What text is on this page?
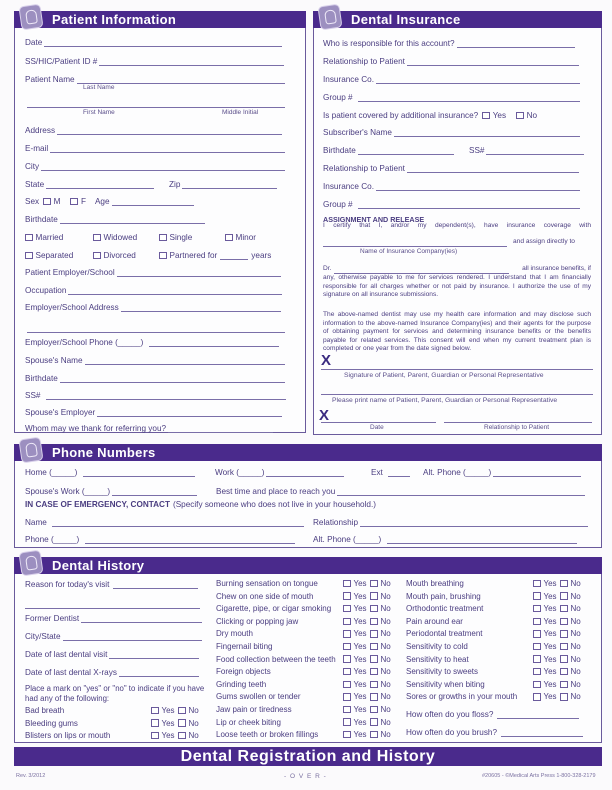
Patient Information
Date
SS/HIC/Patient ID #
Patient Name
Last Name
First Name	Middle Initial
Address
E-mail
City
State	Zip
Sex M	F Age
Birthdate
Married	Widowed	Single	Minor
Separated	Divorced	Partnered for	years
Patient Employer/School
Occupation
Employer/School Address
Employer/School Phone (_____)
Spouse's Name
Birthdate
SS#
Spouse's Employer
Whom may we thank for referring you?
Dental Insurance
Who is responsible for this account?
Relationship to Patient
Insurance Co.
Group #
Is patient covered by additional insurance? Yes	No
Subscriber's Name
Birthdate	SS#
Relationship to Patient
Insurance Co.
Group #
ASSIGNMENT AND RELEASE
I certify that I, and/or my dependent(s), have insurance coverage with
and assign directly to
Name of Insurance Company(ies)
Dr.	all insurance benefits, if
any, otherwise payable to me for services rendered. I understand that I am financially responsible for all charges whether or not paid by insurance. I authorize the use of my signature on all insurance submissions.
The above-named dentist may use my health care information and may disclose such information to the above-named Insurance Company(ies) and their agents for the purpose of obtaining payment for services and determining insurance benefits or the benefits payable for related services. This consent will end when my current treatment plan is completed or one year from the date signed below.
X
Signature of Patient, Parent, Guardian or Personal Representative
Please print name of Patient, Parent, Guardian or Personal Representative
X
Date	Relationship to Patient
Phone Numbers
Home (_____)	Work (_____)	Ext	Alt. Phone (_____)
Spouse's Work (_____)	Best time and place to reach you
IN CASE OF EMERGENCY, CONTACT (Specify someone who does not live in your household.)
Name	Relationship
Phone (_____)	Alt. Phone (_____)
Dental History
Reason for today's visit
Former Dentist
City/State
Date of last dental visit
Date of last dental X-rays
Place a mark on "yes" or "no" to indicate if you have had any of the following:
Bad breath	Yes No
Bleeding gums	Yes No
Blisters on lips or mouth	Yes No
Burning sensation on tongue	Yes No
Chew on one side of mouth	Yes No
Cigarette, pipe, or cigar smoking	Yes No
Clicking or popping jaw	Yes No
Dry mouth	Yes No
Fingernail biting	Yes No
Food collection between the teeth Yes No
Foreign objects	Yes No
Grinding teeth	Yes No
Gums swollen or tender	Yes No
Jaw pain or tiredness	Yes No
Lip or cheek biting	Yes No
Loose teeth or broken fillings	Yes No
Mouth breathing	Yes No
Mouth pain, brushing	Yes No
Orthodontic treatment	Yes No
Pain around ear	Yes No
Periodontal treatment	Yes No
Sensitivity to cold	Yes No
Sensitivity to heat	Yes No
Sensitivity to sweets	Yes No
Sensitivity when biting	Yes No
Sores or growths in your mouth	Yes No
How often do you floss?
How often do you brush?
Dental Registration and History
Rev. 3/2012	- O V E R -	#20605 - ©Medical Arts Press 1-800-328-2179
